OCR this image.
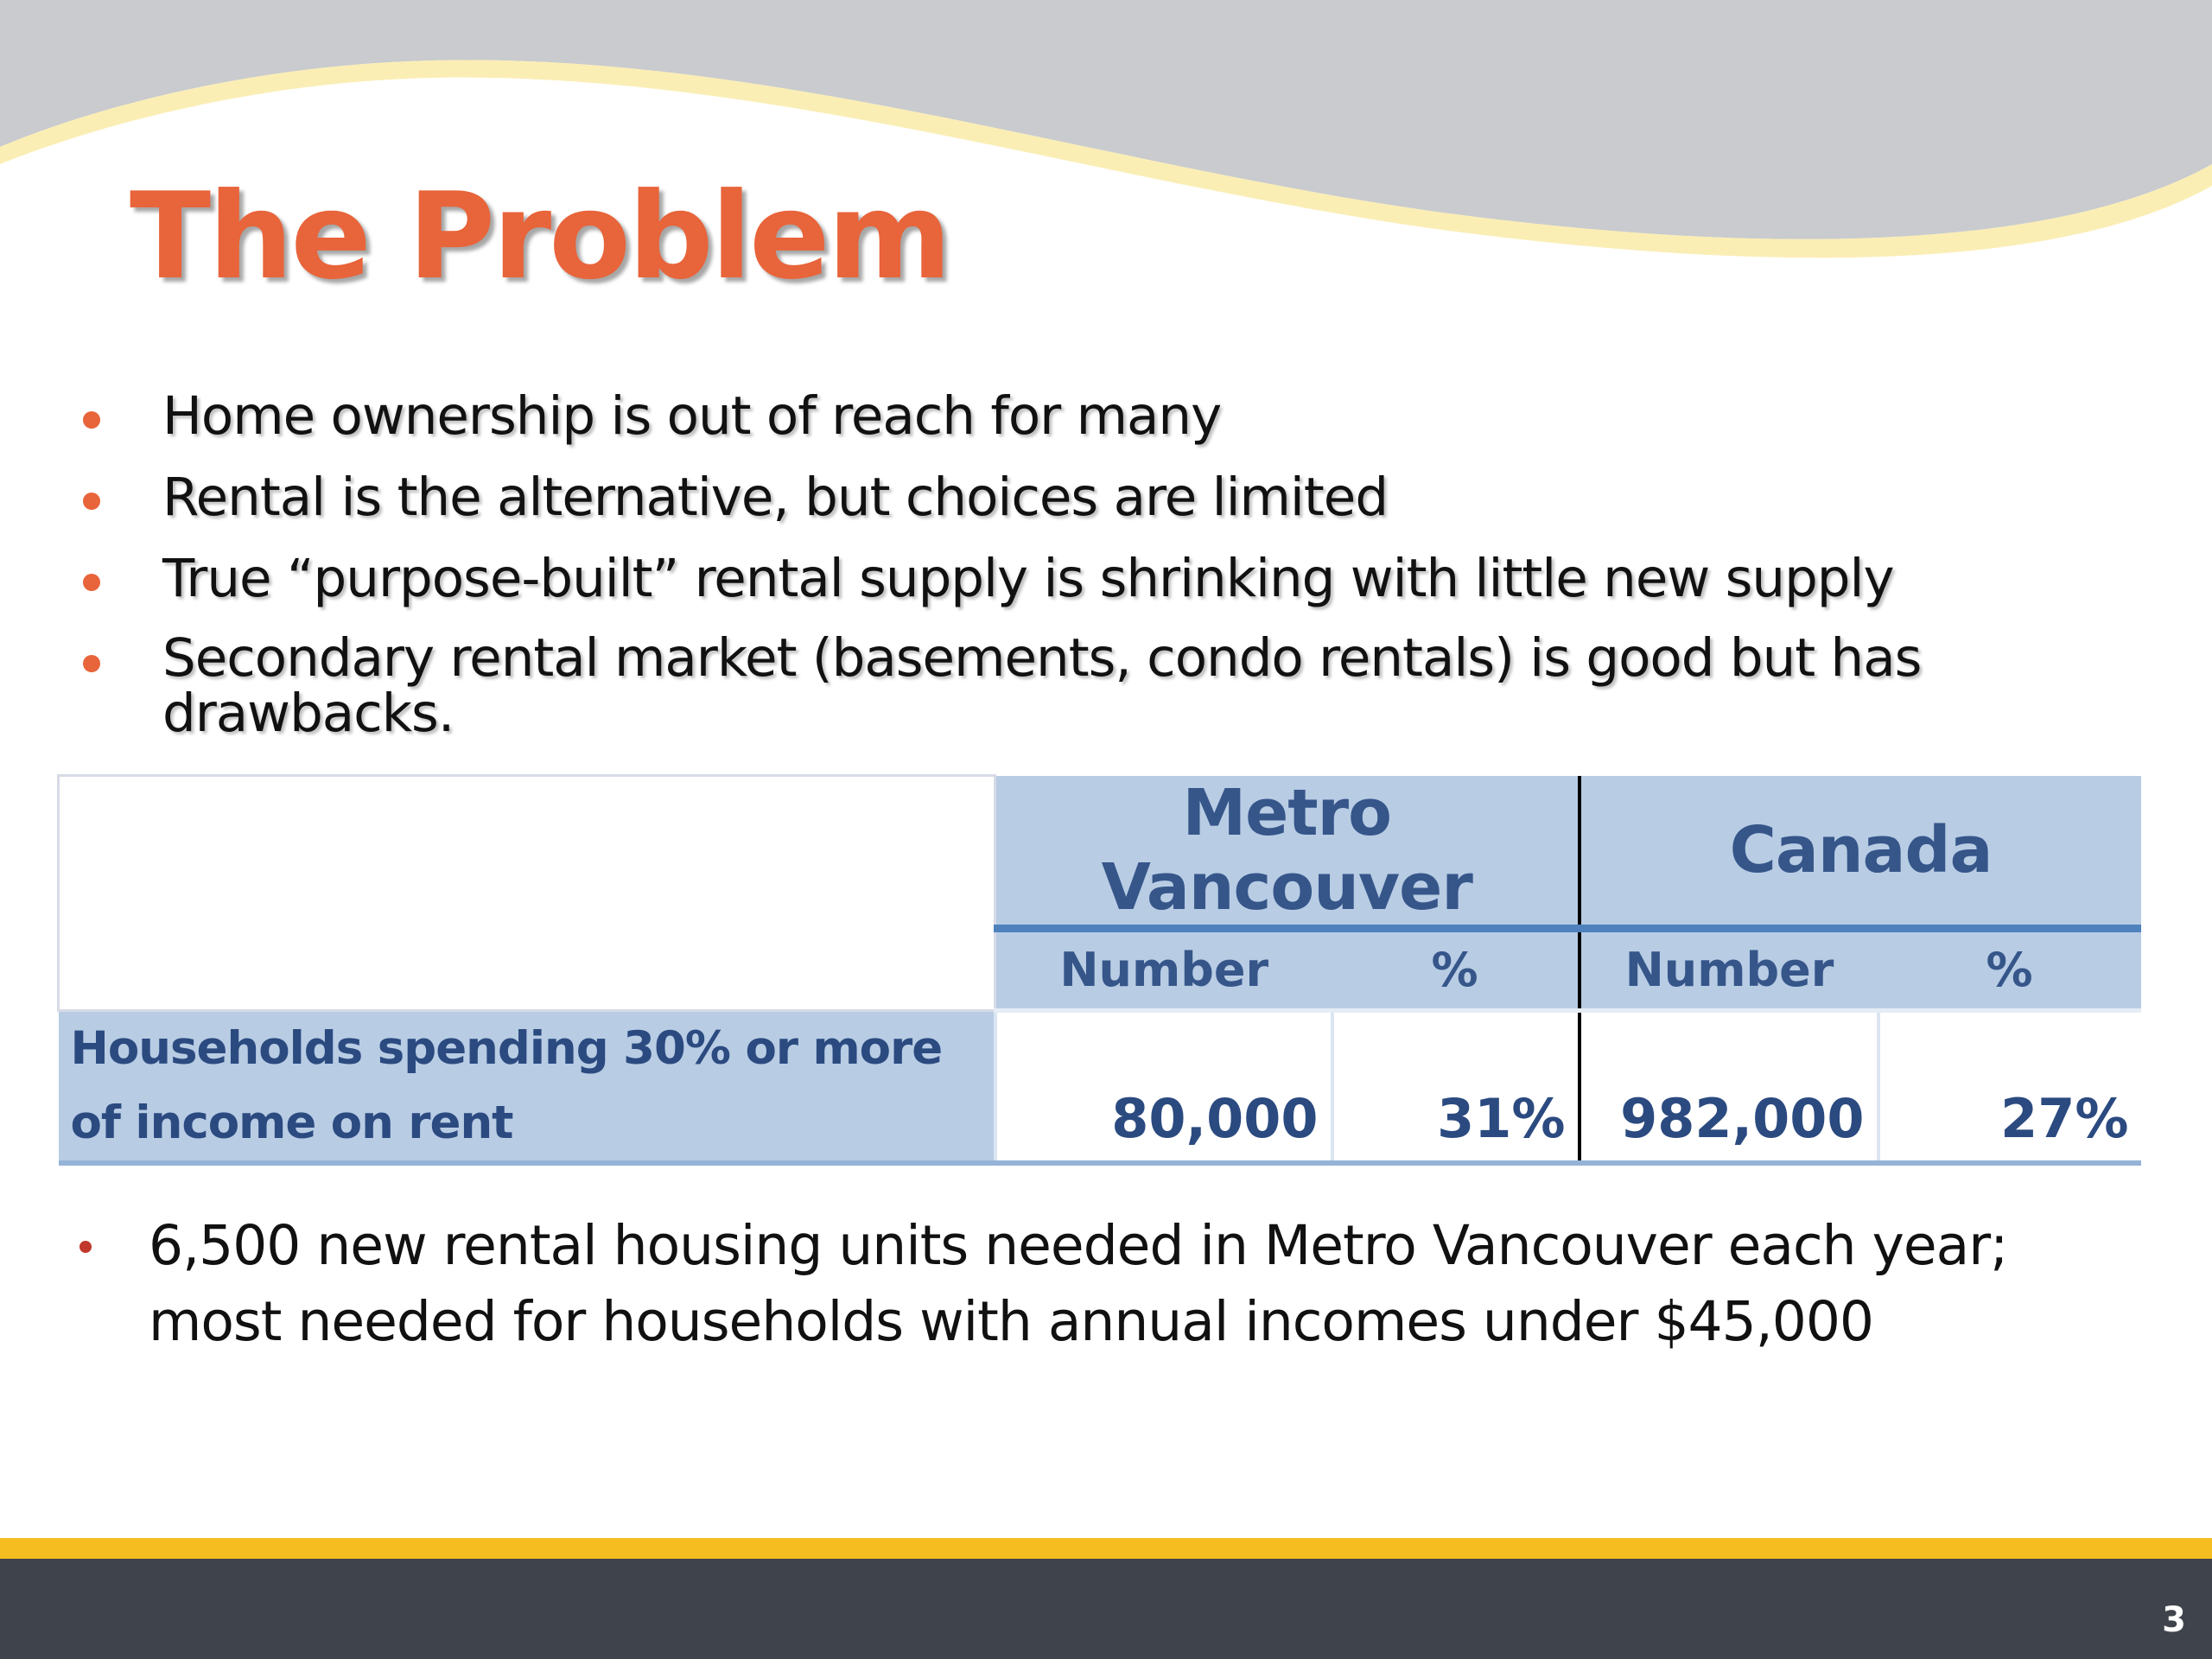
The Problem
Home ownership is out of reach for many
Rental is the alternative, but choices are limited
True “purpose-built” rental supply is shrinking with little new supply
Secondary rental market (basements, condo rentals) is good but has drawbacks.
	Metro Vancouver		Canada	
	Number	%	Number	%
Households spending 30% or more of income on rent	80,000	31%	982,000	27%
6,500 new rental housing units needed in Metro Vancouver each year;
most needed for households with annual incomes under $45,000
3
